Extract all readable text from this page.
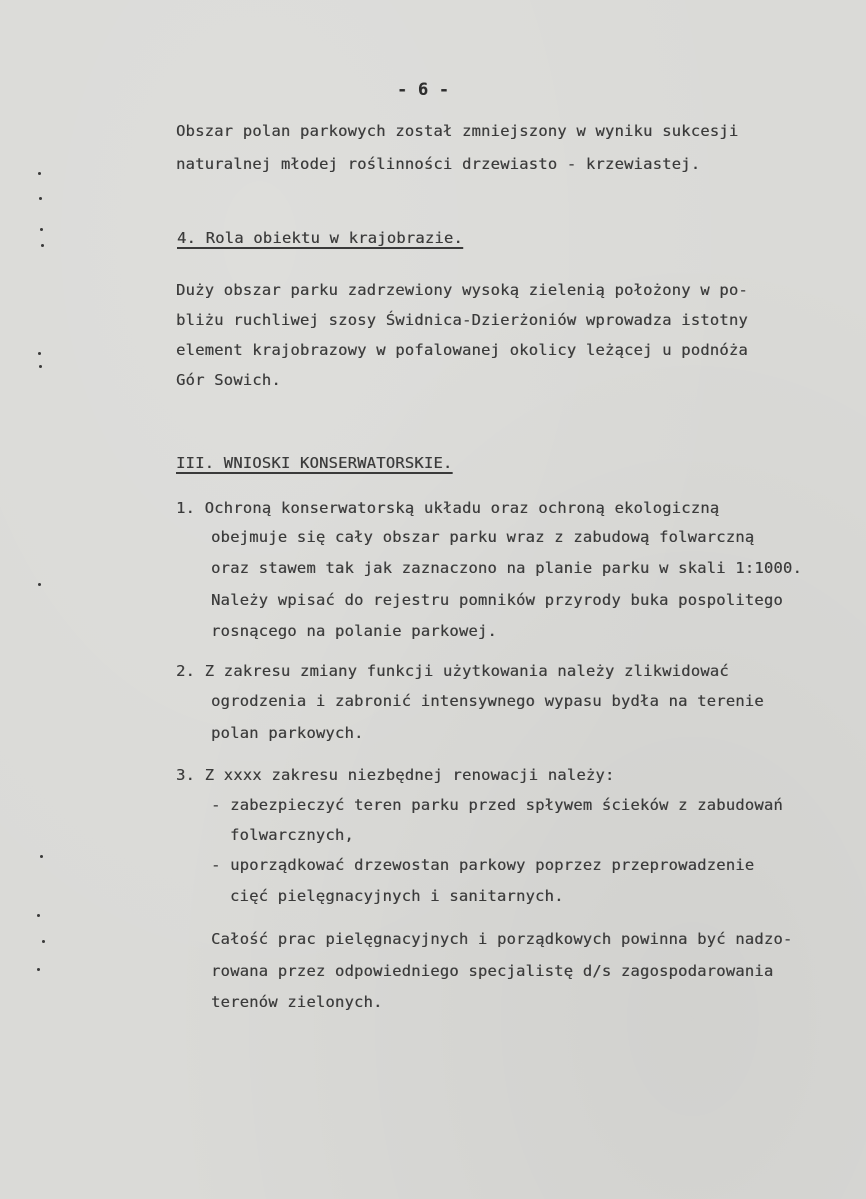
- 6 -
Obszar polan parkowych został zmniejszony w wyniku sukcesji
naturalnej młodej roślinności drzewiasto - krzewiastej.
4. Rola obiektu w krajobrazie.
Duży obszar parku zadrzewiony wysoką zielenią położony w po-
bliżu ruchliwej szosy Świdnica-Dzierżoniów wprowadza istotny
element krajobrazowy w pofalowanej okolicy leżącej u podnóża
Gór Sowich.
III. WNIOSKI KONSERWATORSKIE.
1. Ochroną konserwatorską układu oraz ochroną ekologiczną
obejmuje się cały obszar parku wraz z zabudową folwarczną
oraz stawem tak jak zaznaczono na planie parku w skali 1:1000.
Należy wpisać do rejestru pomników przyrody buka pospolitego
rosnącego na polanie parkowej.
2. Z zakresu zmiany funkcji użytkowania należy zlikwidować
ogrodzenia i zabronić intensywnego wypasu bydła na terenie
polan parkowych.
3. Z xxxx zakresu niezbędnej renowacji należy:
- zabezpieczyć teren parku przed spływem ścieków z zabudowań
folwarcznych,
- uporządkować drzewostan parkowy poprzez przeprowadzenie
cięć pielęgnacyjnych i sanitarnych.
Całość prac pielęgnacyjnych i porządkowych powinna być nadzo-
rowana przez odpowiedniego specjalistę d/s zagospodarowania
terenów zielonych.
